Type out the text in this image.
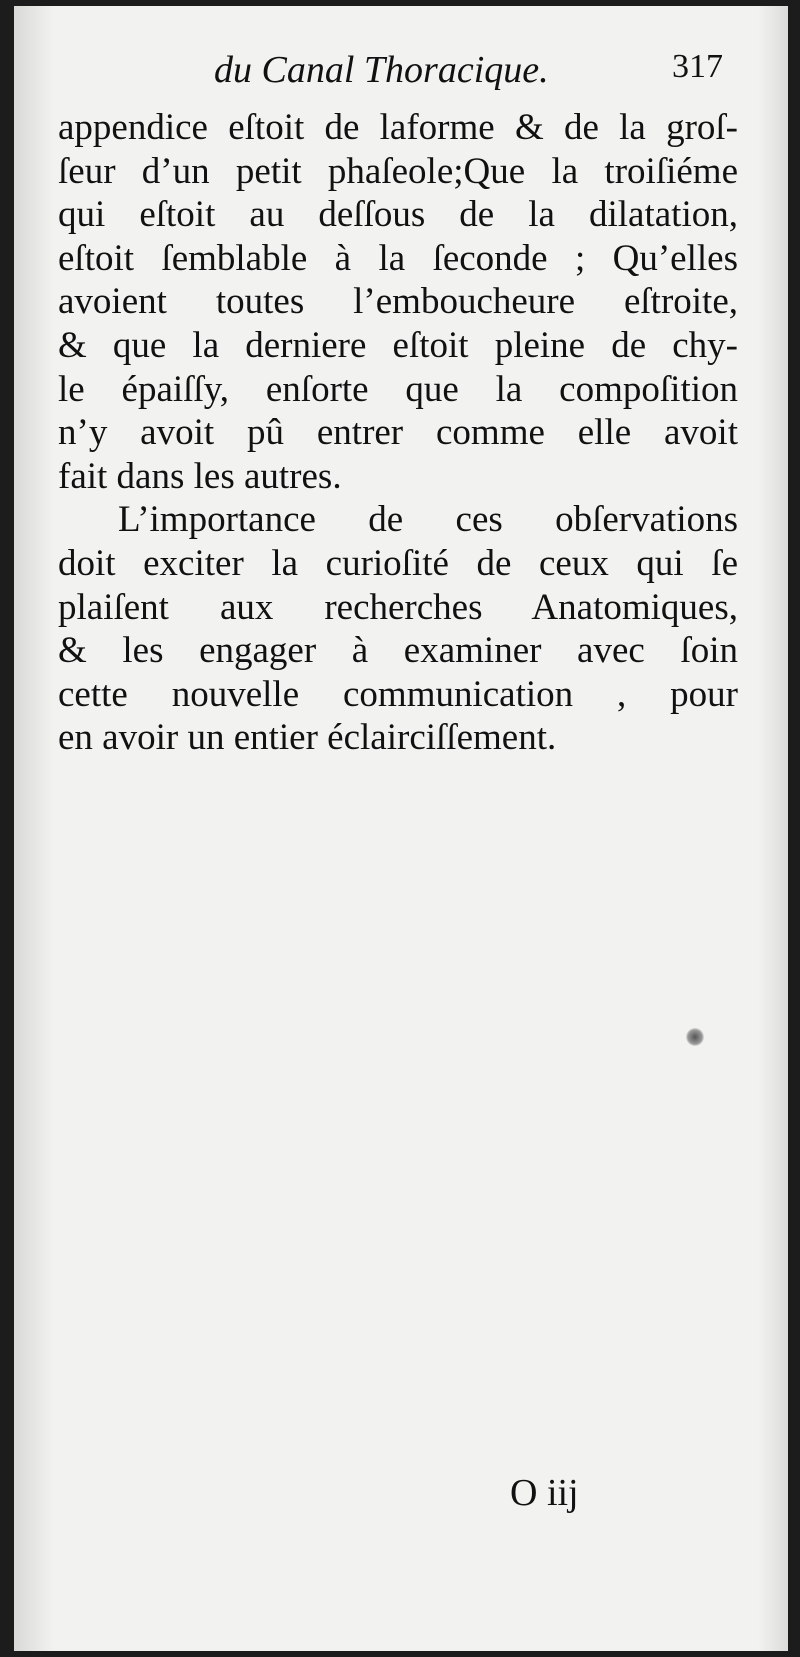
du Canal Thoracique.	317
appendice eſtoit de laforme & de la groſ-
ſeur d’un petit phaſeole;Que la troiſiéme
qui eſtoit au deſſous de la dilatation,
eſtoit ſemblable à la ſeconde ; Qu’elles
avoient toutes l’emboucheure eſtroite,
& que la derniere eſtoit pleine de chy-
le épaiſſy, enſorte que la compoſition
n’y avoit pû entrer comme elle avoit
fait dans les autres.
L’importance de ces obſervations
doit exciter la curioſité de ceux qui ſe
plaiſent aux recherches Anatomiques,
& les engager à examiner avec ſoin
cette nouvelle communication , pour
en avoir un entier éclairciſſement.
O iij
